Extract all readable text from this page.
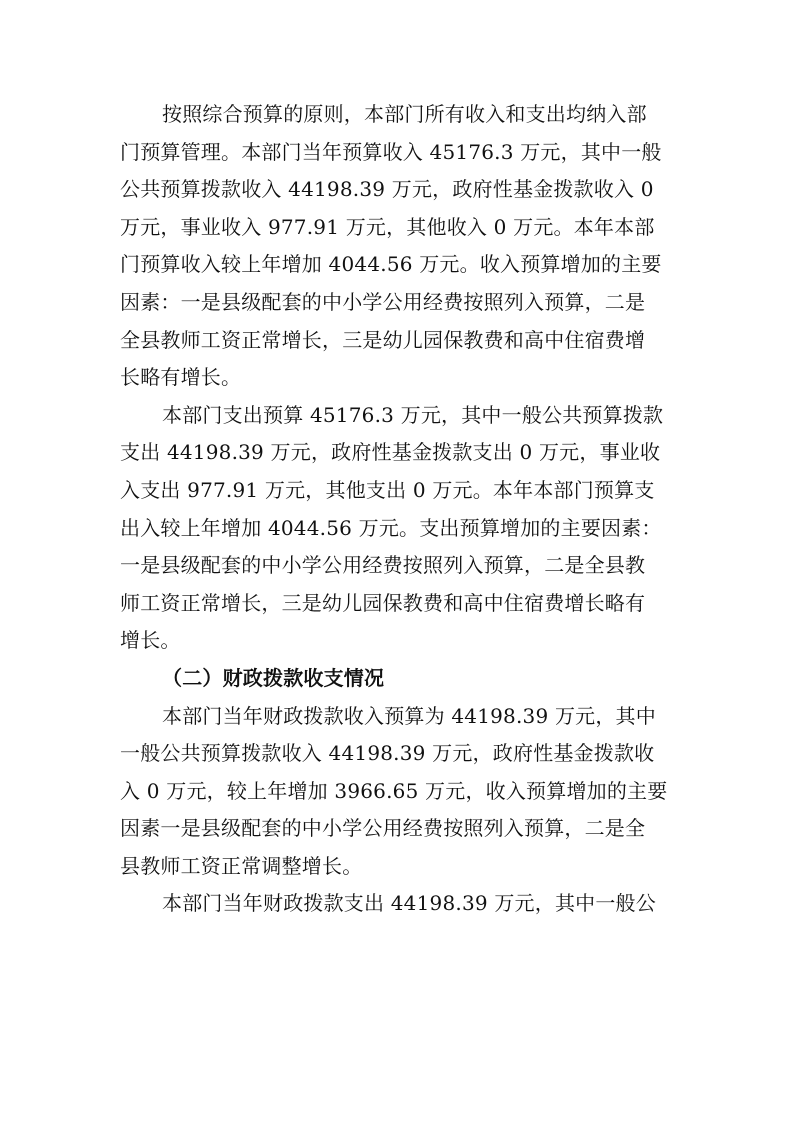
按照综合预算的原则，本部门所有收入和支出均纳入部
门预算管理。本部门当年预算收入 45176.3 万元，其中一般
公共预算拨款收入 44198.39 万元，政府性基金拨款收入 0
万元，事业收入 977.91 万元，其他收入 0 万元。本年本部
门预算收入较上年增加 4044.56 万元。收入预算增加的主要
因素：一是县级配套的中小学公用经费按照列入预算，二是
全县教师工资正常增长，三是幼儿园保教费和高中住宿费增
长略有增长。
本部门支出预算 45176.3 万元，其中一般公共预算拨款
支出 44198.39 万元，政府性基金拨款支出 0 万元，事业收
入支出 977.91 万元，其他支出 0 万元。本年本部门预算支
出入较上年增加 4044.56 万元。支出预算增加的主要因素：
一是县级配套的中小学公用经费按照列入预算，二是全县教
师工资正常增长，三是幼儿园保教费和高中住宿费增长略有
增长。
（二）财政拨款收支情况
本部门当年财政拨款收入预算为 44198.39 万元，其中
一般公共预算拨款收入 44198.39 万元，政府性基金拨款收
入 0 万元，较上年增加 3966.65 万元，收入预算增加的主要
因素一是县级配套的中小学公用经费按照列入预算，二是全
县教师工资正常调整增长。
本部门当年财政拨款支出 44198.39 万元，其中一般公
